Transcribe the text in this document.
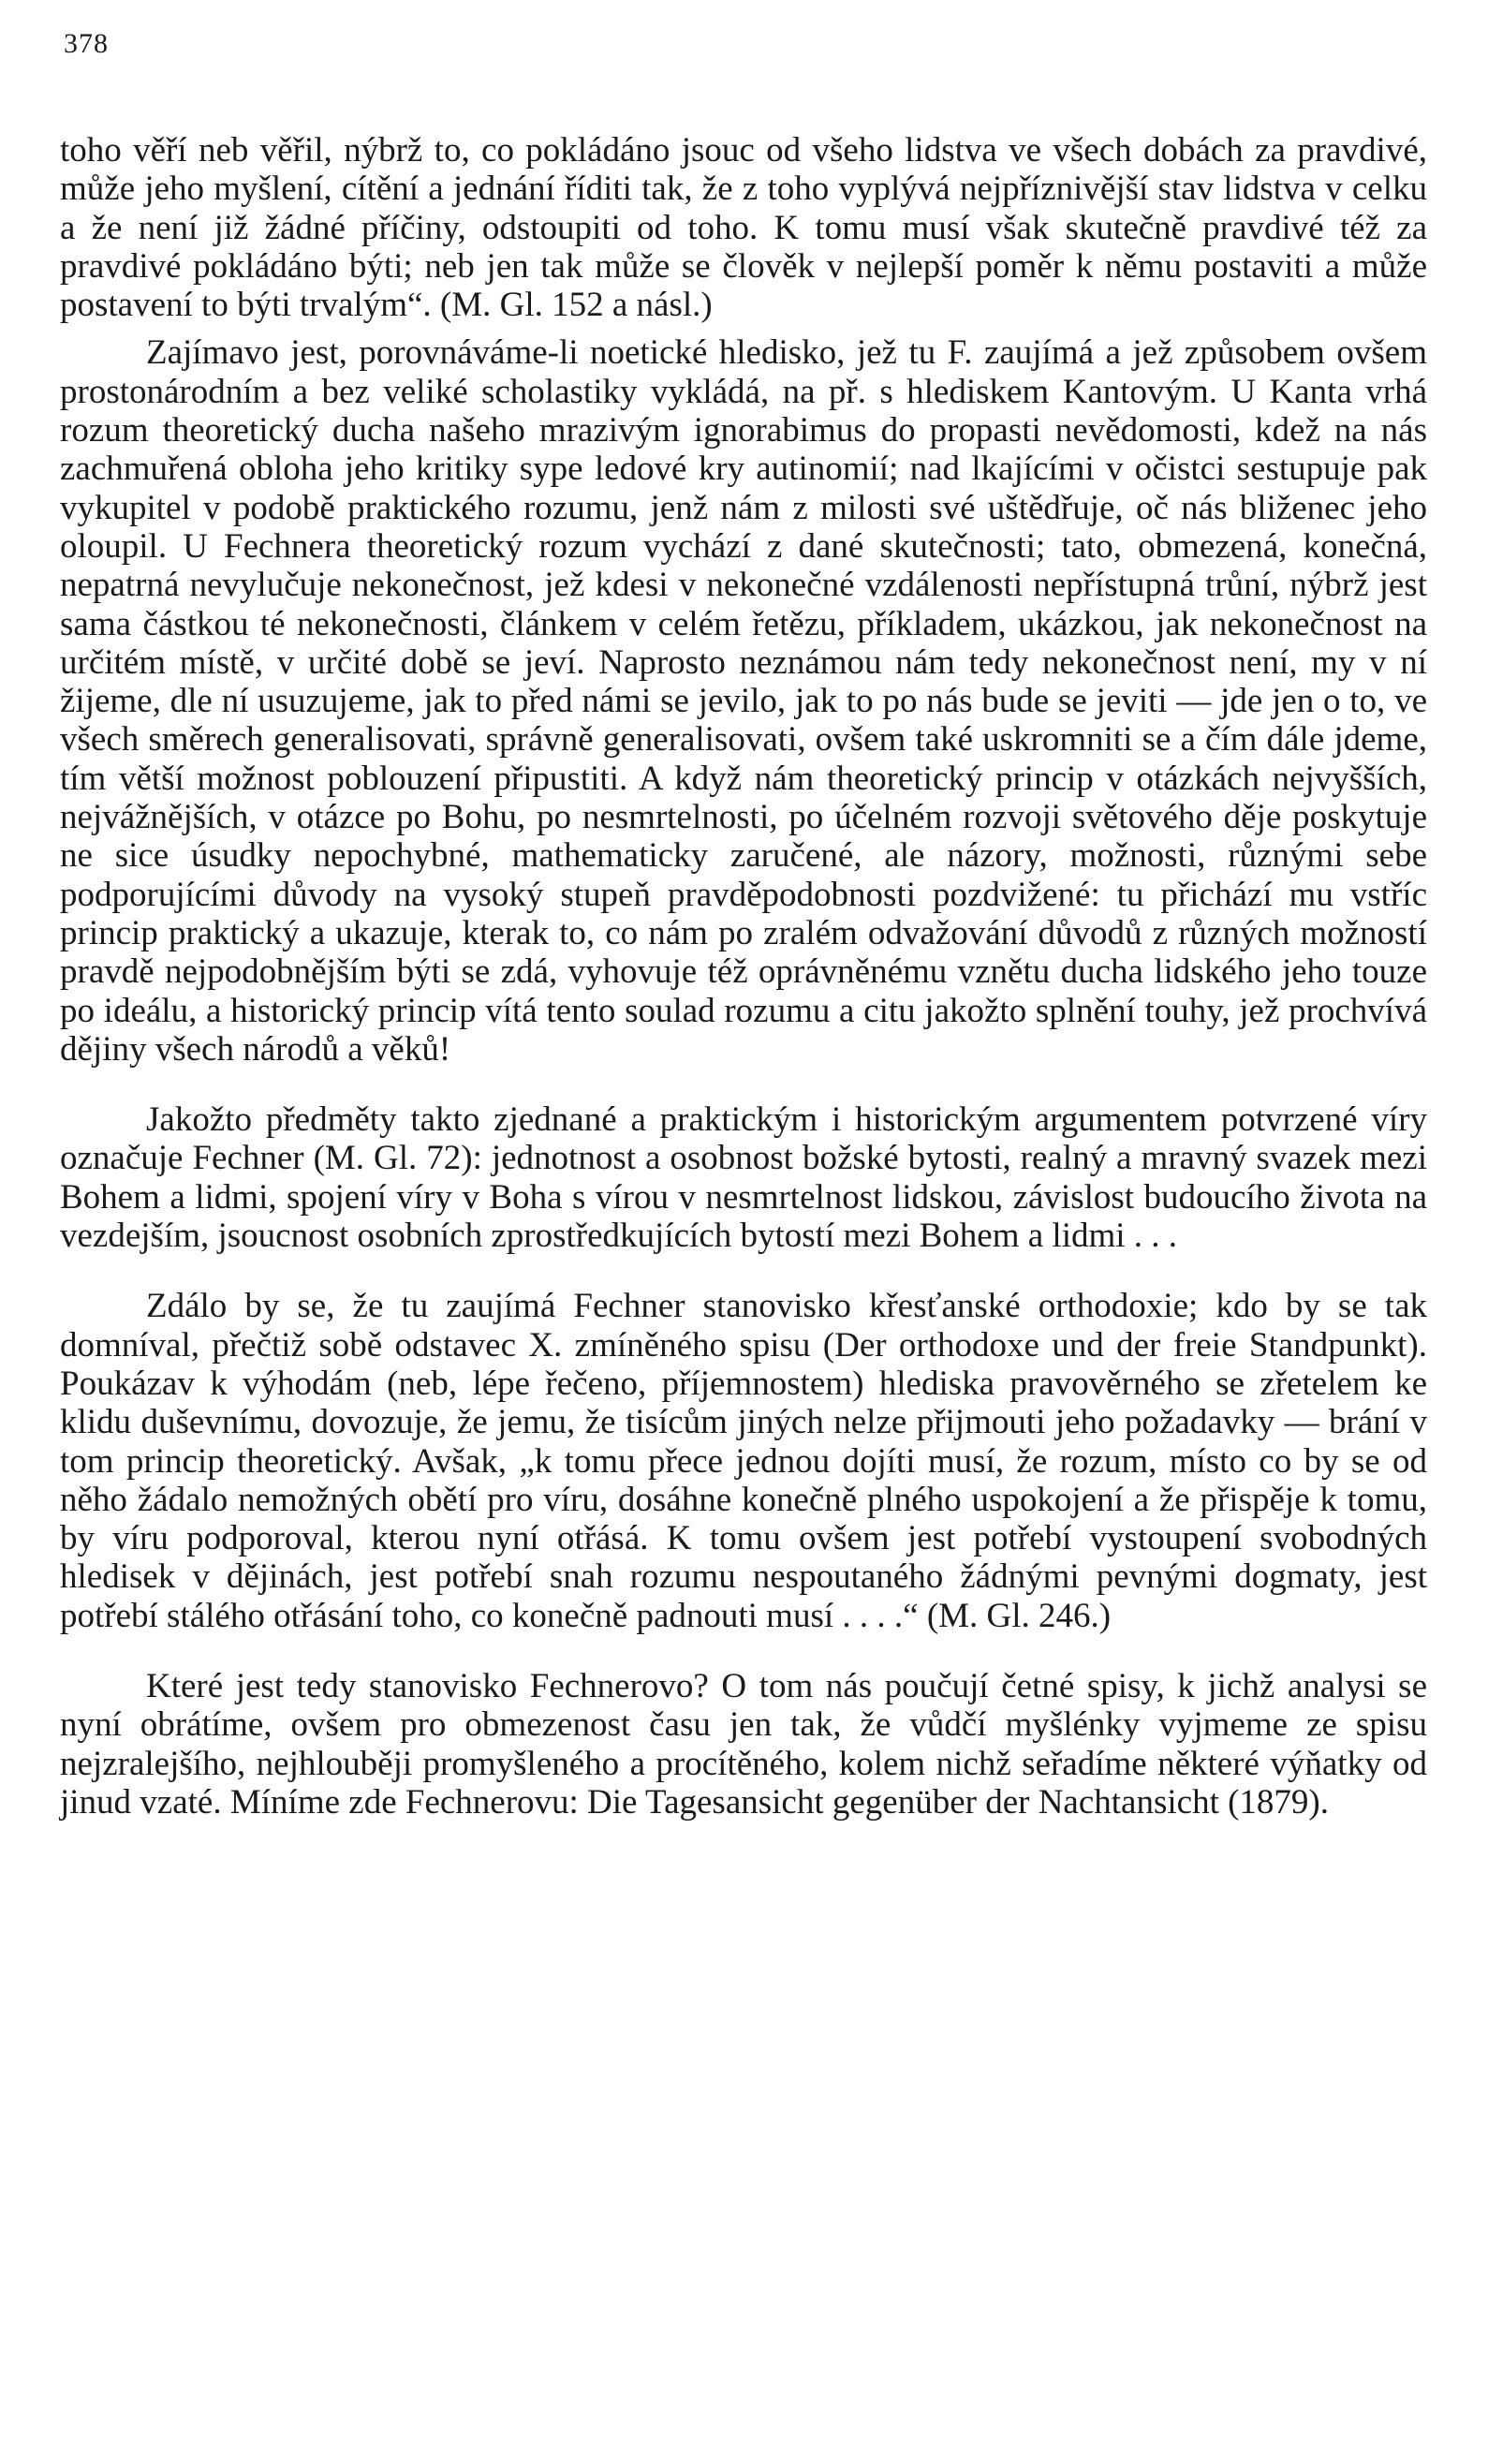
378

toho věří neb věřil, nýbrž to, co pokládáno jsouc od všeho lidstva ve všech dobách za pravdivé, může jeho myšlení, cítění a jednání říditi tak, že z toho vyplývá nejpříznivější stav lidstva v celku a že není již žádné příčiny, odstoupiti od toho. K tomu musí však skutečně pravdivé též za pravdivé pokládáno býti; neb jen tak může se člověk v nejlepší poměr k němu postaviti a může postavení to býti trvalým“. (M. Gl. 152 a násl.)

Zajímavo jest, porovnáváme-li noetické hledisko, jež tu F. zaujímá a jež způsobem ovšem prostonárodním a bez veliké scholastiky vykládá, na př. s hlediskem Kantovým. U Kanta vrhá rozum theoretický ducha našeho mrazivým ignorabimus do propasti nevědomosti, kdež na nás zachmuřená obloha jeho kritiky sype ledové kry autinomií; nad lkajícími v očistci sestupuje pak vykupitel v podobě praktického rozumu, jenž nám z milosti své uštědřuje, oč nás bliženec jeho oloupil. U Fechnera theoretický rozum vychází z dané skutečnosti; tato, obmezená, konečná, nepatrná nevylučuje nekonečnost, jež kdesi v nekonečné vzdálenosti nepřístupná trůní, nýbrž jest sama částkou té nekonečnosti, článkem v celém řetězu, příkladem, ukázkou, jak nekonečnost na určitém místě, v určité době se jeví. Naprosto neznámou nám tedy nekonečnost není, my v ní žijeme, dle ní usuzujeme, jak to před námi se jevilo, jak to po nás bude se jeviti — jde jen o to, ve všech směrech generalisovati, správně generalisovati, ovšem také uskromniti se a čím dále jdeme, tím větší možnost poblouzení připustiti. A když nám theoretický princip v otázkách nejvyšších, nejvážnějších, v otázce po Bohu, po nesmrtelnosti, po účelném rozvoji světového děje poskytuje ne sice úsudky nepochybné, mathematicky zaručené, ale názory, možnosti, různými sebe podporujícími důvody na vysoký stupeň pravděpodobnosti pozdvižené: tu přichází mu vstříc princip praktický a ukazuje, kterak to, co nám po zralém odvažování důvodů z různých možností pravdě nejpodobnějším býti se zdá, vyhovuje též oprávněnému vznětu ducha lidského jeho touze po ideálu, a historický princip vítá tento soulad rozumu a citu jakožto splnění touhy, jež prochvívá dějiny všech národů a věků!

Jakožto předměty takto zjednané a praktickým i historickým argumentem potvrzené víry označuje Fechner (M. Gl. 72): jednotnost a osobnost božské bytosti, realný a mravný svazek mezi Bohem a lidmi, spojení víry v Boha s vírou v nesmrtelnost lidskou, závislost budoucího života na vezdejším, jsoucnost osobních zprostředkujících bytostí mezi Bohem a lidmi . . .

Zdálo by se, že tu zaujímá Fechner stanovisko křesťanské orthodoxie; kdo by se tak domníval, přečtiž sobě odstavec X. zmíněného spisu (Der orthodoxe und der freie Standpunkt). Poukázav k výhodám (neb, lépe řečeno, příjemnostem) hlediska pravověrného se zřetelem ke klidu duševnímu, dovozuje, že jemu, že tisícům jiných nelze přijmouti jeho požadavky — brání v tom princip theoretický. Avšak, „k tomu přece jednou dojíti musí, že rozum, místo co by se od něho žádalo nemožných obětí pro víru, dosáhne konečně plného uspokojení a že přispěje k tomu, by víru podporoval, kterou nyní otřásá. K tomu ovšem jest potřebí vystoupení svobodných hledisek v dějinách, jest potřebí snah rozumu nespoutaného žádnými pevnými dogmaty, jest potřebí stálého otřásání toho, co konečně padnouti musí . . . .“ (M. Gl. 246.)

Které jest tedy stanovisko Fechnerovo? O tom nás poučují četné spisy, k jichž analysi se nyní obrátíme, ovšem pro obmezenost času jen tak, že vůdčí myšlénky vyjmeme ze spisu nejzralejšího, nejhlouběji promyšleného a procítěného, kolem nichž seřadíme některé výňatky od jinud vzaté. Míníme zde Fechnerovu: Die Tagesansicht gegenüber der Nachtansicht (1879).
